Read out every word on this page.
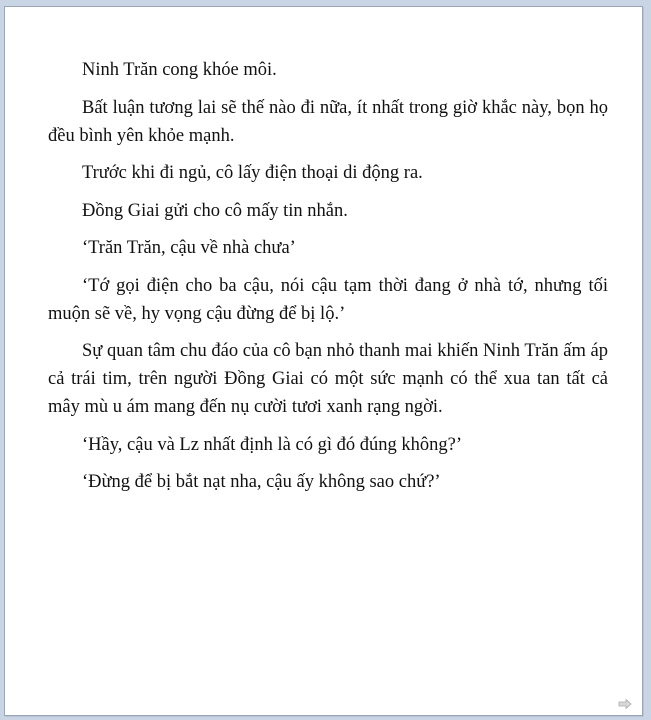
Ninh Trăn cong khóe môi.

Bất luận tương lai sẽ thế nào đi nữa, ít nhất trong giờ khắc này, bọn họ đều bình yên khỏe mạnh.

Trước khi đi ngủ, cô lấy điện thoại di động ra.

Đồng Giai gửi cho cô mấy tin nhắn.

‘Trăn Trăn, cậu về nhà chưa’

‘Tớ gọi điện cho ba cậu, nói cậu tạm thời đang ở nhà tớ, nhưng tối muộn sẽ về, hy vọng cậu đừng để bị lộ.’

Sự quan tâm chu đáo của cô bạn nhỏ thanh mai khiến Ninh Trăn ấm áp cả trái tim, trên người Đồng Giai có một sức mạnh có thể xua tan tất cả mây mù u ám mang đến nụ cười tươi xanh rạng ngời.

‘Hầy, cậu và Lz nhất định là có gì đó đúng không?’

‘Đừng để bị bắt nạt nha, cậu ấy không sao chứ?’
